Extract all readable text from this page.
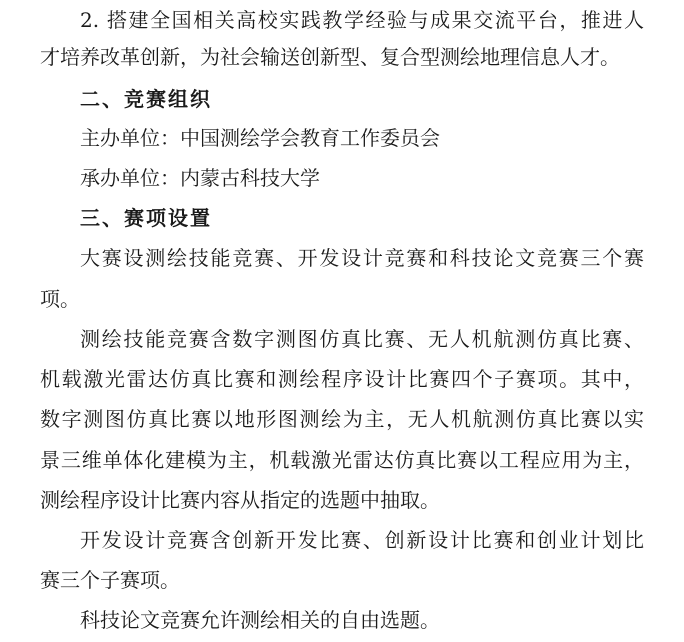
2. 搭建全国相关高校实践教学经验与成果交流平台，推进人
才培养改革创新，为社会输送创新型、复合型测绘地理信息人才。
二、竞赛组织
主办单位：中国测绘学会教育工作委员会
承办单位：内蒙古科技大学
三、赛项设置
大赛设测绘技能竞赛、开发设计竞赛和科技论文竞赛三个赛
项。
测绘技能竞赛含数字测图仿真比赛、无人机航测仿真比赛、
机载激光雷达仿真比赛和测绘程序设计比赛四个子赛项。其中，
数字测图仿真比赛以地形图测绘为主，无人机航测仿真比赛以实
景三维单体化建模为主，机载激光雷达仿真比赛以工程应用为主，
测绘程序设计比赛内容从指定的选题中抽取。
开发设计竞赛含创新开发比赛、创新设计比赛和创业计划比
赛三个子赛项。
科技论文竞赛允许测绘相关的自由选题。
